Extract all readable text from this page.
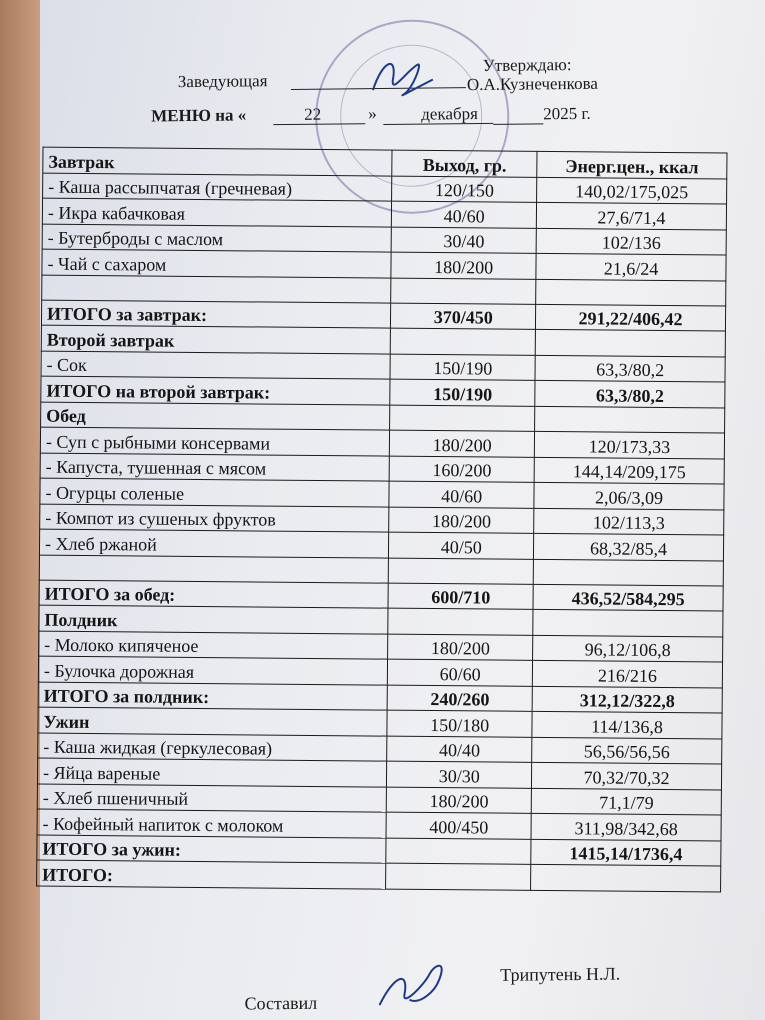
Утверждаю:
Заведующая	О.А.Кузнеченкова
МЕНЮ на «	22	»	декабря	2025 г.
Завтрак	Выход, гр.	Энерг.цен., ккал
- Каша рассыпчатая (гречневая)	120/150	140,02/175,025
- Икра кабачковая	40/60	27,6/71,4
- Бутерброды с маслом	30/40	102/136
- Чай с сахаром	180/200	21,6/24

ИТОГО за завтрак:	370/450	291,22/406,42
Второй завтрак		
- Сок	150/190	63,3/80,2
ИТОГО на второй завтрак:	150/190	63,3/80,2
Обед		
- Суп с рыбными консервами	180/200	120/173,33
- Капуста, тушенная с мясом	160/200	144,14/209,175
- Огурцы соленые	40/60	2,06/3,09
- Компот из сушеных фруктов	180/200	102/113,3
- Хлеб ржаной	40/50	68,32/85,4

ИТОГО за обед:	600/710	436,52/584,295
Полдник		
- Молоко кипяченое	180/200	96,12/106,8
- Булочка дорожная	60/60	216/216
ИТОГО за полдник:	240/260	312,12/322,8
Ужин	150/180	114/136,8
- Каша жидкая (геркулесовая)	40/40	56,56/56,56
- Яйца вареные	30/30	70,32/70,32
- Хлеб пшеничный	180/200	71,1/79
- Кофейный напиток с молоком	400/450	311,98/342,68
ИТОГО за ужин:		1415,14/1736,4
ИТОГО:		
Составил
Трипутень Н.Л.
